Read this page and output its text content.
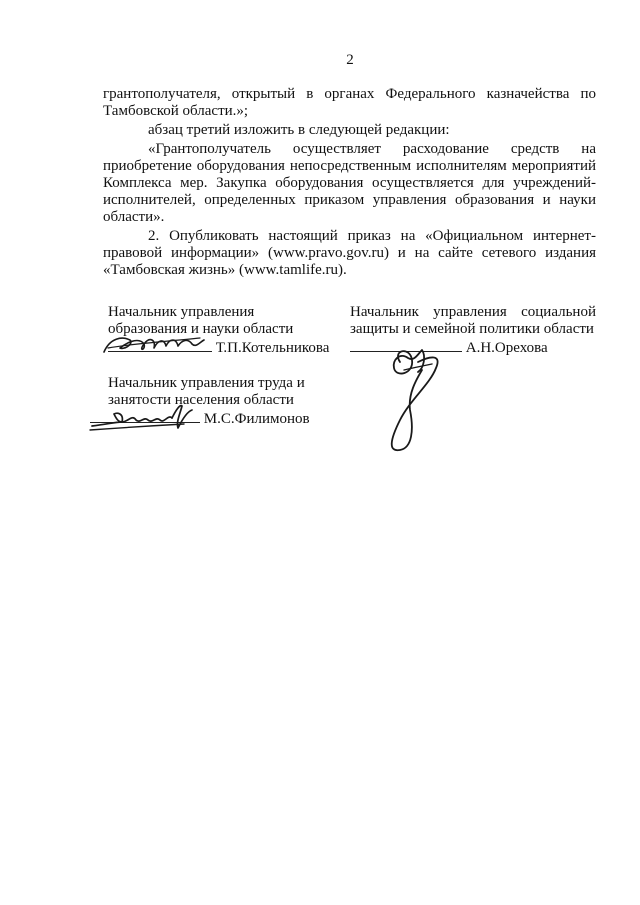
2
грантополучателя, открытый в органах Федерального казначейства по
Тамбовской области.»;
абзац третий изложить в следующей редакции:
«Грантополучатель осуществляет расходование средств на
приобретение оборудования непосредственным исполнителям мероприятий
Комплекса мер. Закупка оборудования осуществляется для учреждений-
исполнителей, определенных приказом управления образования и науки
области».
2. Опубликовать настоящий приказ на «Официальном интернет-
правовой информации» (www.pravo.gov.ru) и на сайте сетевого издания
«Тамбовская жизнь» (www.tamlife.ru).
Начальник управления
образования и науки области
Т.П.Котельникова
Начальник управления социальной
защиты и семейной политики области
А.Н.Орехова
Начальник управления труда и
занятости населения области
М.С.Филимонов
